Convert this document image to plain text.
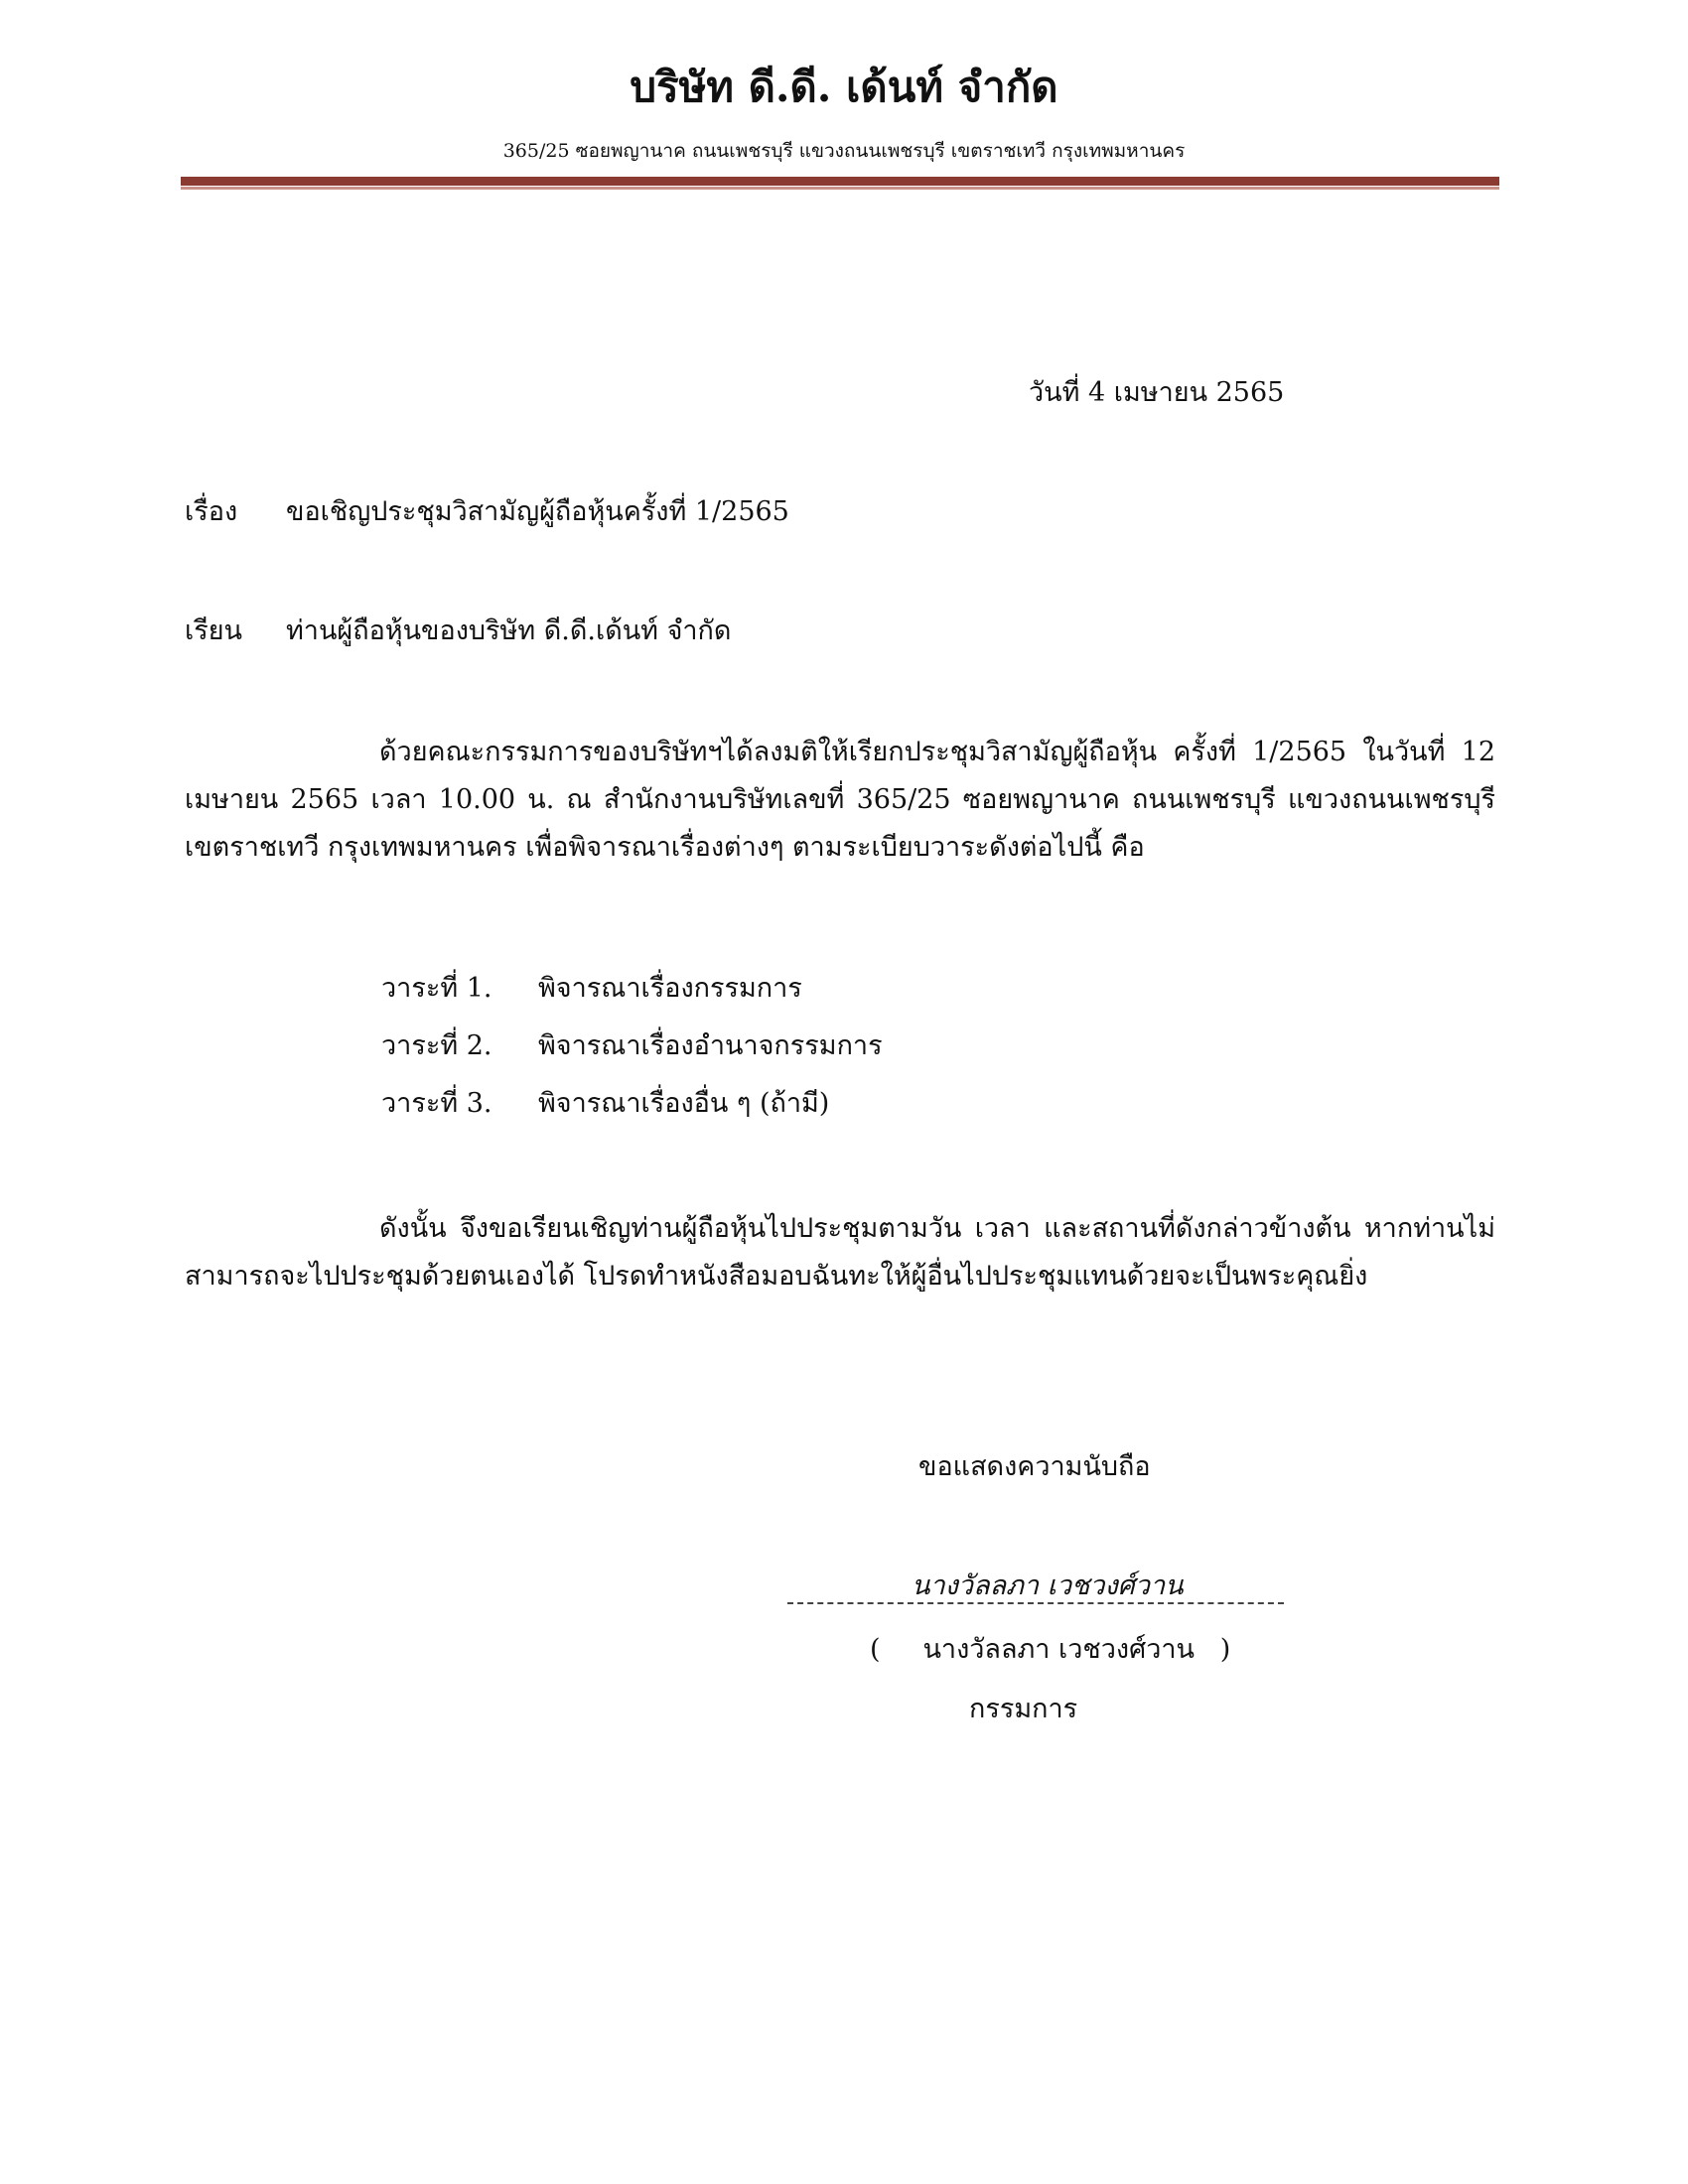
บริษัท ดี.ดี. เด้นท์ จำกัด
365/25 ซอยพญานาค ถนนเพชรบุรี แขวงถนนเพชรบุรี เขตราชเทวี กรุงเทพมหานคร
วันที่ 4 เมษายน 2565
เรื่อง ขอเชิญประชุมวิสามัญผู้ถือหุ้นครั้งที่ 1/2565
เรียน ท่านผู้ถือหุ้นของบริษัท ดี.ดี.เด้นท์ จำกัด
ด้วยคณะกรรมการของบริษัทฯได้ลงมติให้เรียกประชุมวิสามัญผู้ถือหุ้น ครั้งที่ 1/2565 ในวันที่ 12 เมษายน 2565 เวลา 10.00 น. ณ สำนักงานบริษัทเลขที่ 365/25 ซอยพญานาค ถนนเพชรบุรี แขวงถนนเพชรบุรี เขตราชเทวี กรุงเทพมหานคร เพื่อพิจารณาเรื่องต่างๆ ตามระเบียบวาระดังต่อไปนี้ คือ
วาระที่ 1. พิจารณาเรื่องกรรมการ
วาระที่ 2. พิจารณาเรื่องอำนาจกรรมการ
วาระที่ 3. พิจารณาเรื่องอื่น ๆ (ถ้ามี)
ดังนั้น จึงขอเรียนเชิญท่านผู้ถือหุ้นไปประชุมตามวัน เวลา และสถานที่ดังกล่าวข้างต้น หากท่านไม่สามารถจะไปประชุมด้วยตนเองได้ โปรดทำหนังสือมอบฉันทะให้ผู้อื่นไปประชุมแทนด้วยจะเป็นพระคุณยิ่ง
ขอแสดงความนับถือ
นางวัลลภา เวชวงศ์วาน
(     นางวัลลภา เวชวงศ์วาน   )
กรรมการ
